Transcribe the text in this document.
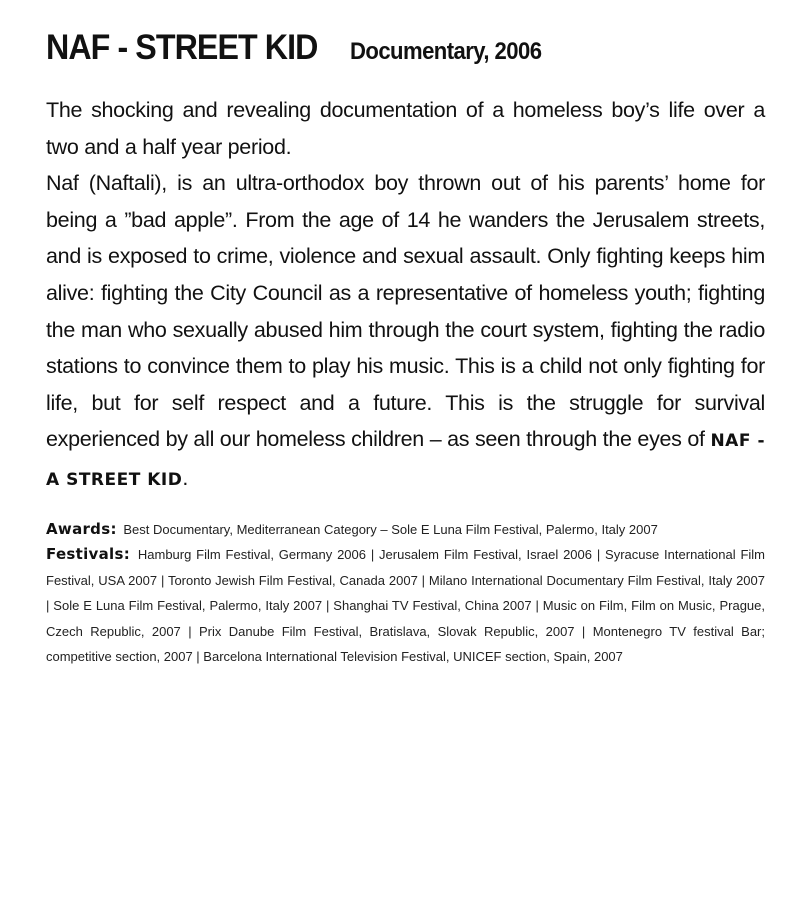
NAF - STREET KID Documentary, 2006

The shocking and revealing documentation of a homeless boy’s life over a two and a half year period.

Naf (Naftali), is an ultra-orthodox boy thrown out of his parents’ home for being a ”bad apple”. From the age of 14 he wanders the Jerusalem streets, and is exposed to crime, violence and sexual assault. Only fighting keeps him alive: fighting the City Council as a representative of homeless youth; fighting the man who sexually abused him through the court system, fighting the radio stations to convince them to play his music. This is a child not only fighting for life, but for self respect and a future. This is the struggle for survival experienced by all our homeless children – as seen through the eyes of NAF - A STREET KID.

Awards: Best Documentary, Mediterranean Category – Sole E Luna Film Festival, Palermo, Italy 2007

Festivals: Hamburg Film Festival, Germany 2006 | Jerusalem Film Festival, Israel 2006 | Syracuse International Film Festival, USA 2007 | Toronto Jewish Film Festival, Canada 2007 | Milano International Documentary Film Festival, Italy 2007 | Sole E Luna Film Festival, Palermo, Italy 2007 | Shanghai TV Festival, China 2007 | Music on Film, Film on Music, Prague, Czech Republic, 2007 | Prix Danube Film Festival, Bratislava, Slovak Republic, 2007 | Montenegro TV festival Bar; competitive section, 2007 | Barcelona International Television Festival, UNICEF section, Spain, 2007
